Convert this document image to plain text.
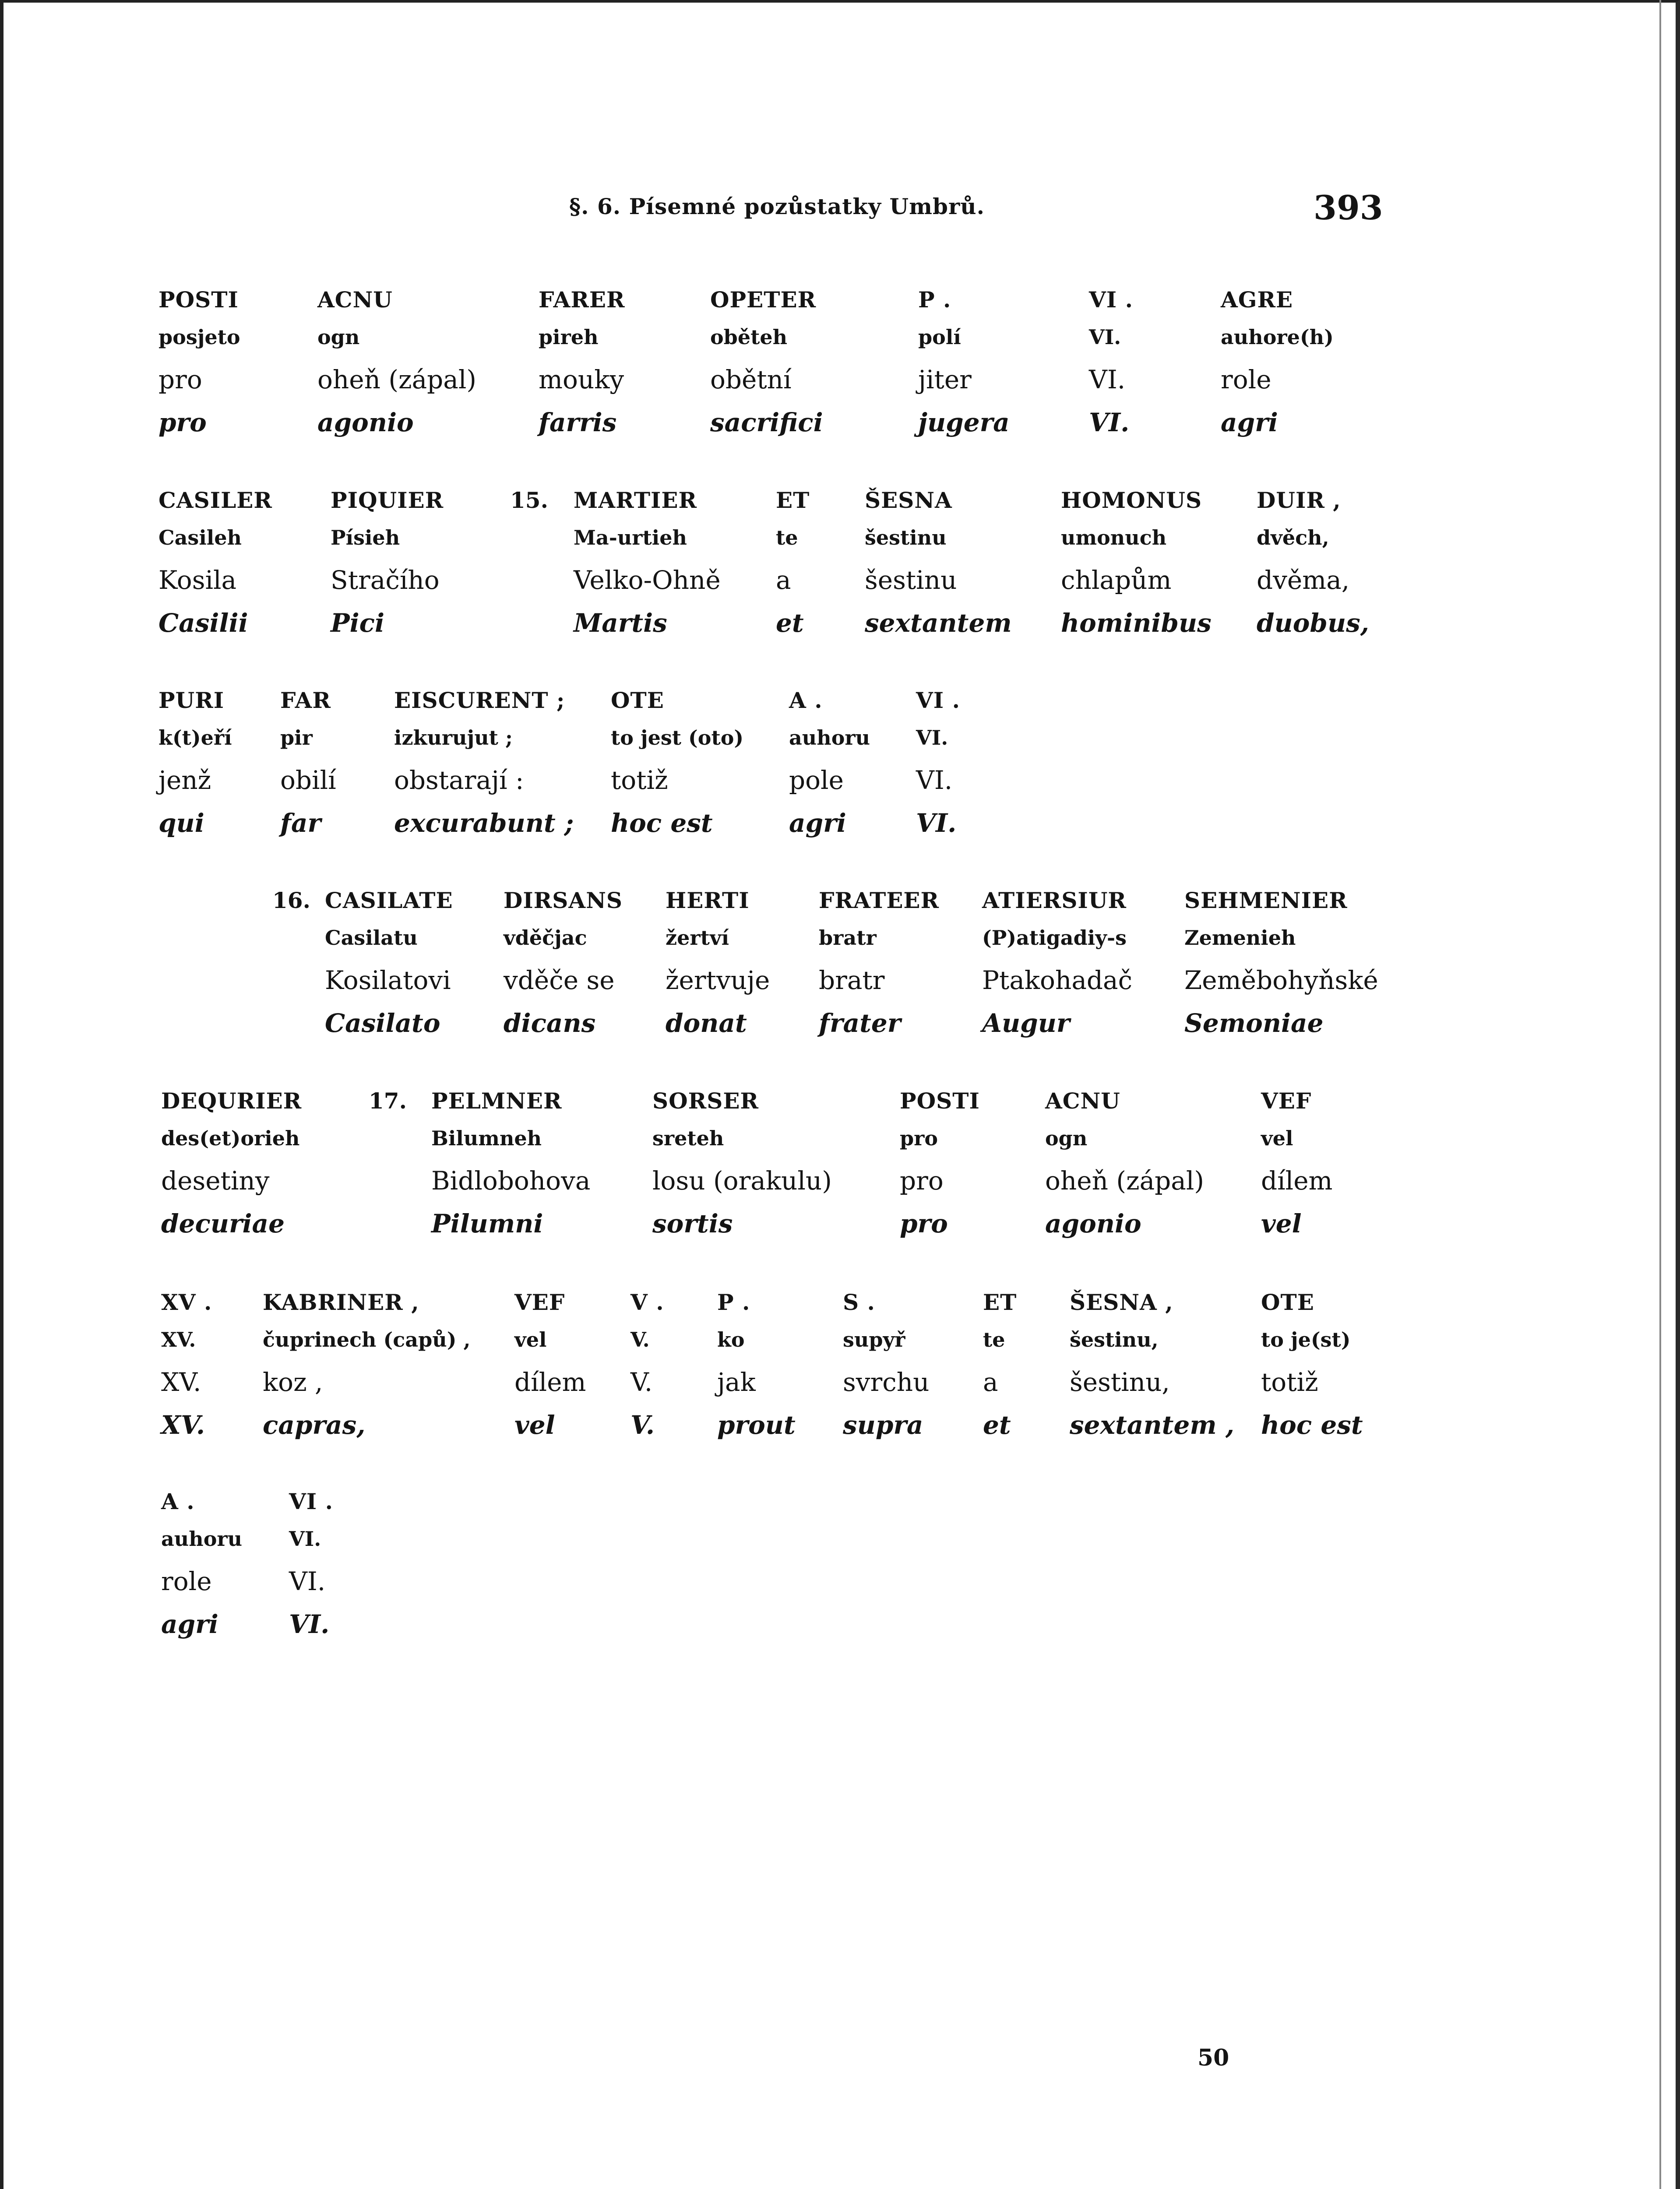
§. 6. Písemné pozůstatky Umbrů.	393
POSTI
posjeto
pro
pro
ACNU
ogn
oheň (zápal)
agonio
FARER
pireh
mouky
farris
OPETER
oběteh
obětní
sacrifici
P .
polí
jiter
jugera
VI .
VI.
VI.
VI.
AGRE
auhore(h)
role
agri
15.
CASILER
Casileh
Kosila
Casilii
PIQUIER
Písieh
Stračího
Pici
MARTIER
Ma-urtieh
Velko-Ohně
Martis
ET
te
a
et
ŠESNA
šestinu
šestinu
sextantem
HOMONUS
umonuch
chlapům
hominibus
DUIR ,
dvěch,
dvěma,
duobus,
PURI
k(t)eří
jenž
qui
FAR
pir
obilí
far
EISCURENT ;
izkurujut ;
obstarají :
excurabunt ;
OTE
to jest (oto)
totiž
hoc est
A .
auhoru
pole
agri
VI .
VI.
VI.
VI.
16. CASILATE
Casilatu
Kosilatovi
Casilato
DIRSANS
vděčjac
vděče se
dicans
HERTI
žertví
žertvuje
donat
FRATEER
bratr
bratr
frater
ATIERSIUR
(P)atigadiy-s
Ptakohadač
Augur
SEHMENIER
Zemenieh
Zeměbohyňské
Semoniae
17.
DEQURIER
des(et)orieh
desetiny
decuriae
PELMNER
Bilumneh
Bidlobohova
Pilumni
SORSER
sreteh
losu (orakulu)
sortis
POSTI
pro
pro
pro
ACNU
ogn
oheň (zápal)
agonio
VEF
vel
dílem
vel
XV .
XV.
XV.
XV.
KABRINER ,
čuprinech (capů) ,
koz ,
capras,
VEF
vel
dílem
vel
V .
V.
V.
V.
P .
ko
jak
prout
S .
supyř
svrchu
supra
ET
te
a
et
ŠESNA ,
šestinu,
šestinu,
sextantem ,
OTE
to je(st)
totiž
hoc est
A .
auhoru
role
agri
VI .
VI.
VI.
VI.
50
